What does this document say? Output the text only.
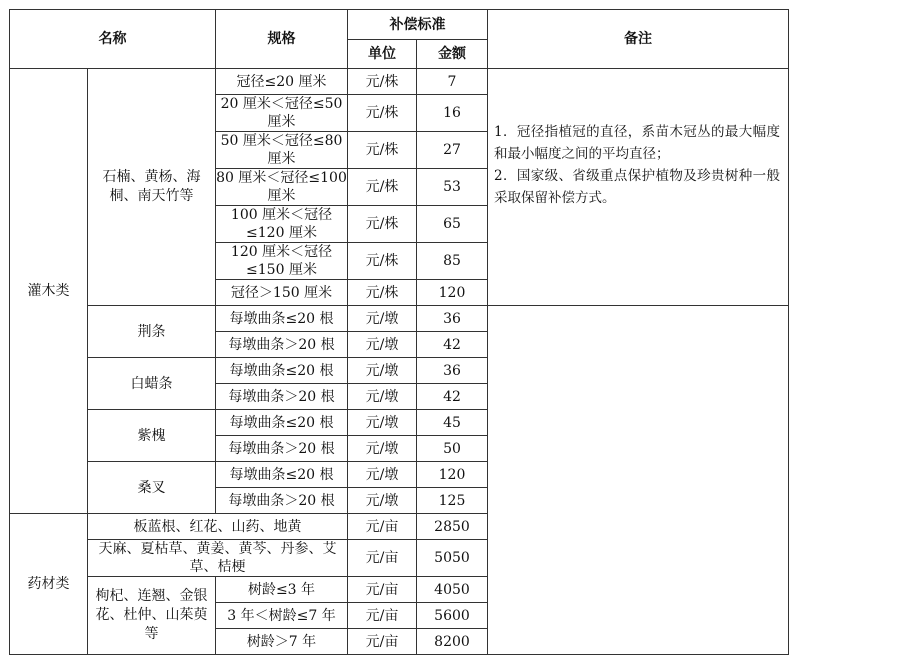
名称		规格	补偿标准		备注
			单位	金额	
灌木类	石楠、黄杨、海桐、南天竹等	冠径≤20 厘米	元/株	7	1．冠径指植冠的直径，系苗木冠丛的最大幅度和最小幅度之间的平均直径；

2．国家级、省级重点保护植物及珍贵树种一般采取保留补偿方式。

		20 厘米＜冠径≤50 厘米	元/株	16	
		50 厘米＜冠径≤80 厘米	元/株	27	
		80 厘米＜冠径≤100 厘米	元/株	53	
		100 厘米＜冠径≤120 厘米	元/株	65	
		120 厘米＜冠径≤150 厘米	元/株	85	
		冠径＞150 厘米	元/株	120	
	荆条	每墩曲条≤20 根	元/墩	36	
		每墩曲条＞20 根	元/墩	42	
	白蜡条	每墩曲条≤20 根	元/墩	36	
		每墩曲条＞20 根	元/墩	42	
	紫槐	每墩曲条≤20 根	元/墩	45	
		每墩曲条＞20 根	元/墩	50	
	桑叉	每墩曲条≤20 根	元/墩	120	
		每墩曲条＞20 根	元/墩	125	
药材类	板蓝根、红花、山药、地黄		元/亩	2850	
	天麻、夏枯草、黄姜、黄芩、丹参、艾草、桔梗		元/亩	5050	
	枸杞、连翘、金银花、杜仲、山茱萸等	树龄≤3 年	元/亩	4050	
		3 年＜树龄≤7 年	元/亩	5600	
		树龄＞7 年	元/亩	8200	
